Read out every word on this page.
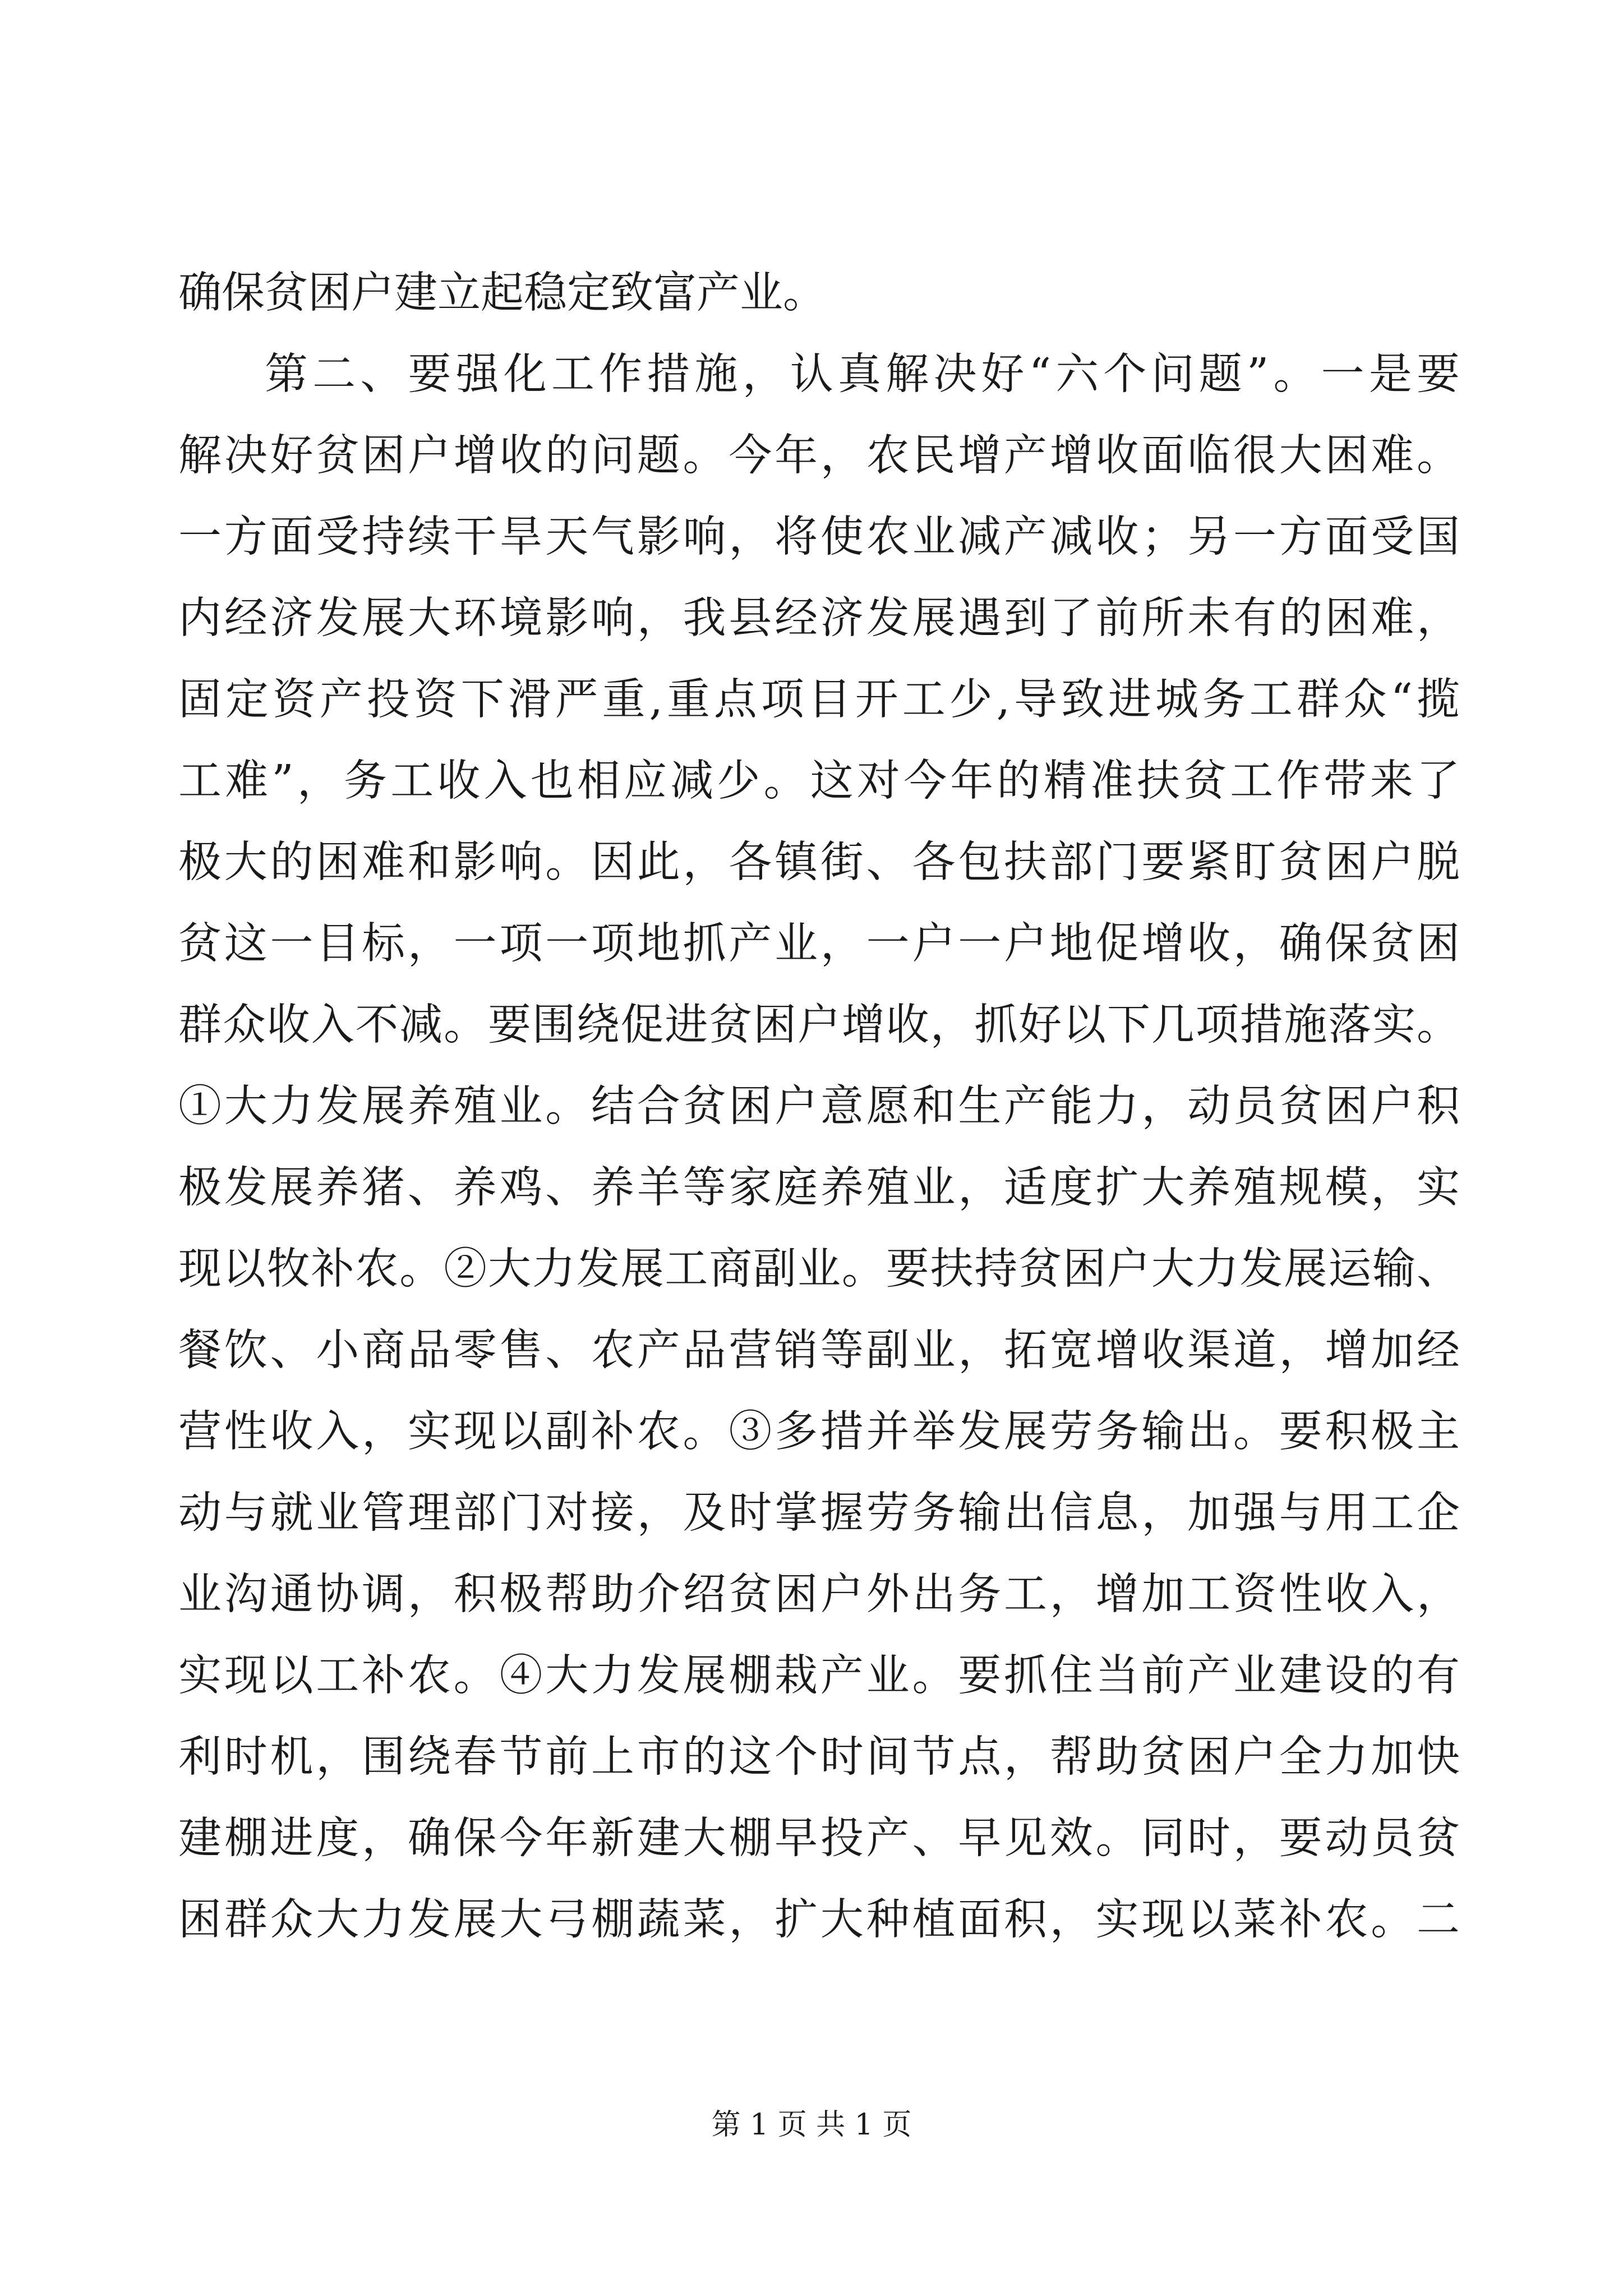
确保贫困户建立起稳定致富产业。
第二、要强化工作措施，认真解决好“六个问题”。一是要
解决好贫困户增收的问题。今年，农民增产增收面临很大困难。
一方面受持续干旱天气影响，将使农业减产减收；另一方面受国
内经济发展大环境影响，我县经济发展遇到了前所未有的困难，
固定资产投资下滑严重,重点项目开工少,导致进城务工群众“揽
工难”，务工收入也相应减少。这对今年的精准扶贫工作带来了
极大的困难和影响。因此，各镇街、各包扶部门要紧盯贫困户脱
贫这一目标，一项一项地抓产业，一户一户地促增收，确保贫困
群众收入不减。要围绕促进贫困户增收，抓好以下几项措施落实。
①大力发展养殖业。结合贫困户意愿和生产能力，动员贫困户积
极发展养猪、养鸡、养羊等家庭养殖业，适度扩大养殖规模，实
现以牧补农。②大力发展工商副业。要扶持贫困户大力发展运输、
餐饮、小商品零售、农产品营销等副业，拓宽增收渠道，增加经
营性收入，实现以副补农。③多措并举发展劳务输出。要积极主
动与就业管理部门对接，及时掌握劳务输出信息，加强与用工企
业沟通协调，积极帮助介绍贫困户外出务工，增加工资性收入，
实现以工补农。④大力发展棚栽产业。要抓住当前产业建设的有
利时机，围绕春节前上市的这个时间节点，帮助贫困户全力加快
建棚进度，确保今年新建大棚早投产、早见效。同时，要动员贫
困群众大力发展大弓棚蔬菜，扩大种植面积，实现以菜补农。二
第 1 页 共 1 页
